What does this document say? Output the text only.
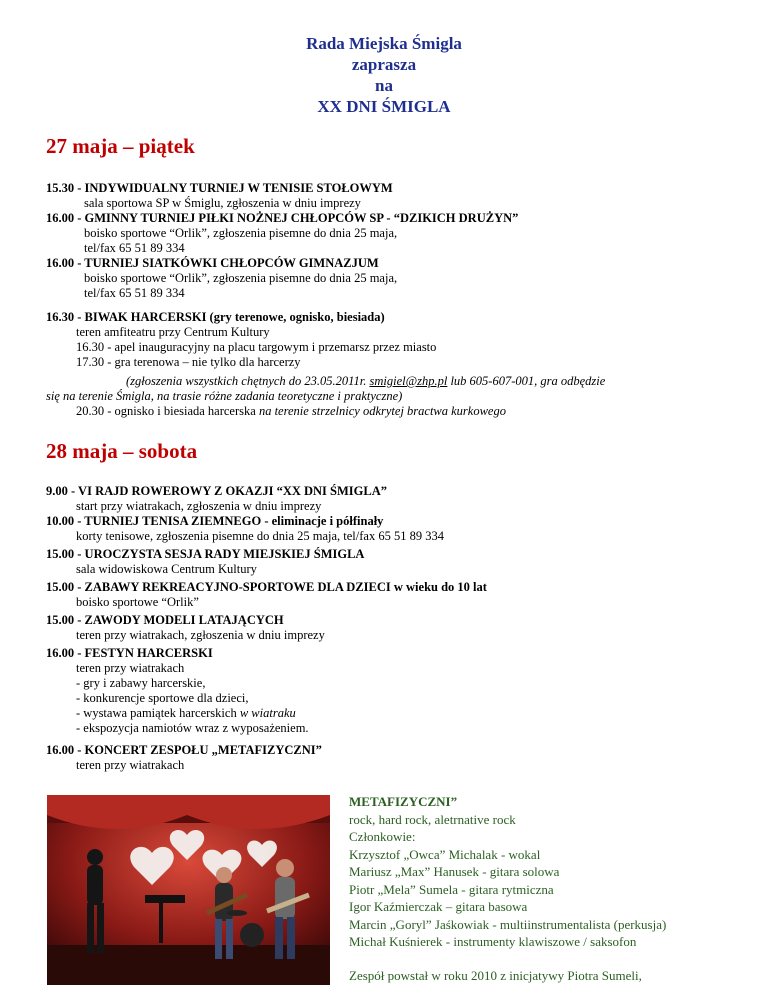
Rada Miejska Śmigla
zaprasza
na
XX DNI ŚMIGLA
27 maja – piątek
15.30 - INDYWIDUALNY TURNIEJ W TENISIE STOŁOWYM
sala sportowa SP w Śmiglu, zgłoszenia w dniu imprezy
16.00 - GMINNY TURNIEJ PIŁKI NOŻNEJ CHŁOPCÓW SP - “DZIKICH DRUŻYN”
boisko sportowe “Orlik”, zgłoszenia pisemne do dnia 25 maja,
tel/fax 65 51 89 334
16.00 - TURNIEJ SIATKÓWKI CHŁOPCÓW GIMNAZJUM
boisko sportowe “Orlik”, zgłoszenia pisemne do dnia 25 maja,
tel/fax 65 51 89 334
16.30 - BIWAK HARCERSKI (gry terenowe, ognisko, biesiada)
teren amfiteatru przy Centrum Kultury
16.30 - apel inauguracyjny na placu targowym i przemarsz przez miasto
17.30 - gra terenowa – nie tylko dla harcerzy
(zgłoszenia wszystkich chętnych do 23.05.2011r. smigiel@zhp.pl lub 605-607-001, gra odbędzie
się na terenie Śmigla, na trasie różne zadania teoretyczne i praktyczne)
20.30 - ognisko i biesiada harcerska na terenie strzelnicy odkrytej bractwa kurkowego
28 maja – sobota
9.00 - VI RAJD ROWEROWY Z OKAZJI “XX DNI ŚMIGLA”
start przy wiatrakach, zgłoszenia w dniu imprezy
10.00 - TURNIEJ TENISA ZIEMNEGO - eliminacje i półfinały
korty tenisowe, zgłoszenia pisemne do dnia 25 maja, tel/fax 65 51 89 334
15.00 - UROCZYSTA SESJA RADY MIEJSKIEJ ŚMIGLA
sala widowiskowa Centrum Kultury
15.00 - ZABAWY REKREACYJNO-SPORTOWE DLA DZIECI w wieku do 10 lat
boisko sportowe “Orlik”
15.00 - ZAWODY MODELI LATAJĄCYCH
teren przy wiatrakach, zgłoszenia w dniu imprezy
16.00 - FESTYN HARCERSKI
teren przy wiatrakach
- gry i zabawy harcerskie,
- konkurencje sportowe dla dzieci,
- wystawa pamiątek harcerskich w wiatraku
- ekspozycja namiotów wraz z wyposażeniem.
16.00 - KONCERT ZESPOŁU „METAFIZYCZNI”
teren przy wiatrakach

METAFIZYCZNI”

rock, hard rock, aletrnative rock

Członkowie:

Krzysztof „Owca” Michalak - wokal

Mariusz „Max” Hanusek - gitara solowa

Piotr „Mela” Sumela - gitara rytmiczna

Igor Kaźmierczak – gitara basowa

Marcin „Goryl” Jaśkowiak - multiinstrumentalista (perkusja)

Michał Kuśnierek - instrumenty klawiszowe / saksofon

Zespół powstał w roku 2010 z inicjatywy Piotra Sumeli,
